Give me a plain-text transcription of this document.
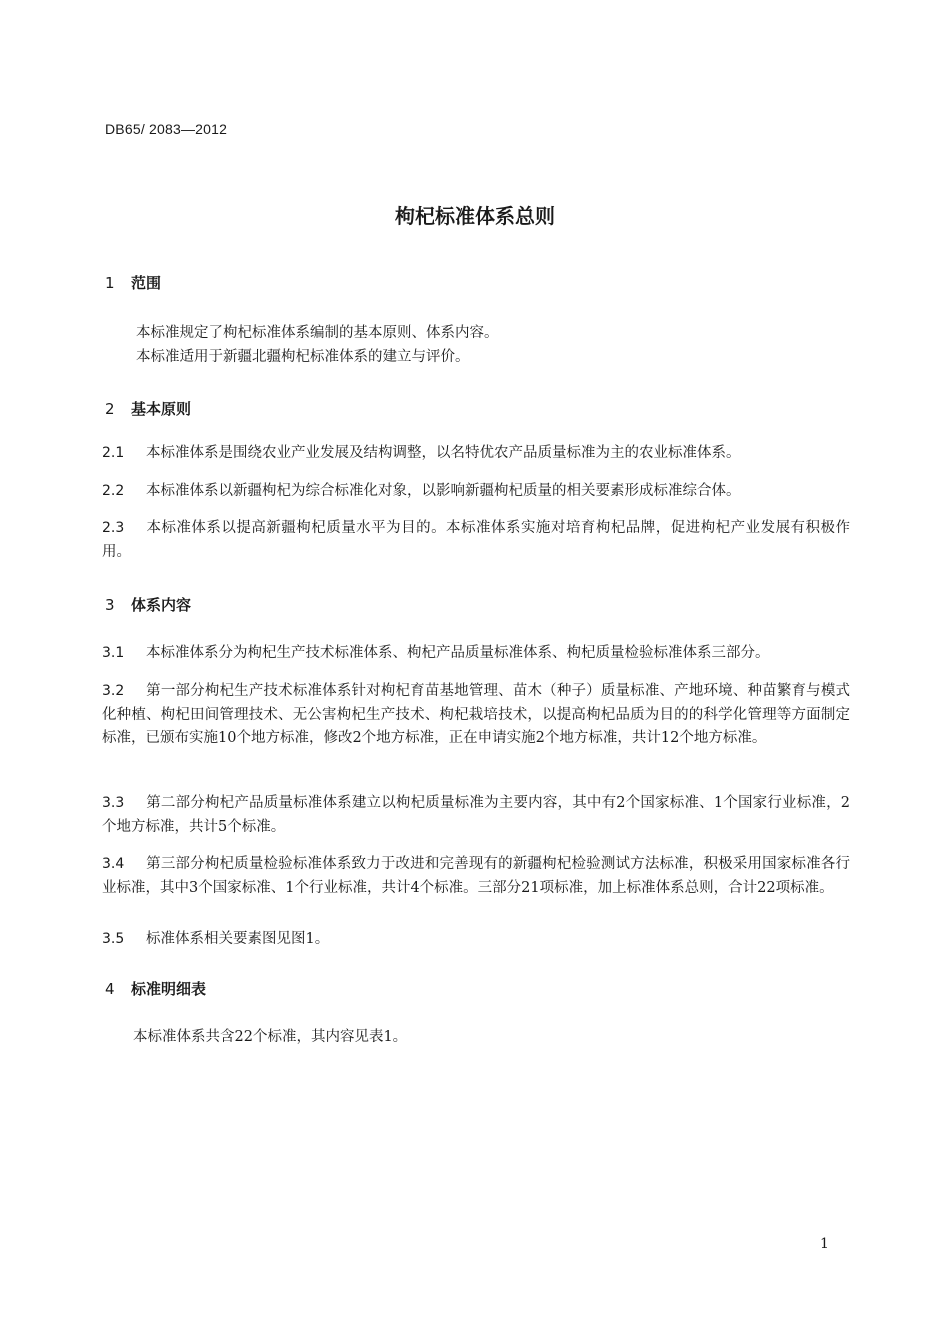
DB65/ 2083—2012
枸杞标准体系总则
1 范围
本标准规定了枸杞标准体系编制的基本原则、体系内容。
本标准适用于新疆北疆枸杞标准体系的建立与评价。
2 基本原则
2.1 本标准体系是围绕农业产业发展及结构调整，以名特优农产品质量标准为主的农业标准体系。
2.2 本标准体系以新疆枸杞为综合标准化对象，以影响新疆枸杞质量的相关要素形成标准综合体。
2.3 本标准体系以提高新疆枸杞质量水平为目的。本标准体系实施对培育枸杞品牌，促进枸杞产业发展有积极作用。
3 体系内容
3.1 本标准体系分为枸杞生产技术标准体系、枸杞产品质量标准体系、枸杞质量检验标准体系三部分。
3.2 第一部分枸杞生产技术标准体系针对枸杞育苗基地管理、苗木（种子）质量标准、产地环境、种苗繁育与模式化种植、枸杞田间管理技术、无公害枸杞生产技术、枸杞栽培技术，以提高枸杞品质为目的的科学化管理等方面制定标准，已颁布实施10个地方标准，修改2个地方标准，正在申请实施2个地方标准，共计12个地方标准。
3.3 第二部分枸杞产品质量标准体系建立以枸杞质量标准为主要内容，其中有2个国家标准、1个国家行业标准，2个地方标准，共计5个标准。
3.4 第三部分枸杞质量检验标准体系致力于改进和完善现有的新疆枸杞检验测试方法标准，积极采用国家标准各行业标准，其中3个国家标准、1个行业标准，共计4个标准。三部分21项标准，加上标准体系总则，合计22项标准。
3.5 标准体系相关要素图见图1。
4 标准明细表
本标准体系共含22个标准，其内容见表1。
1
